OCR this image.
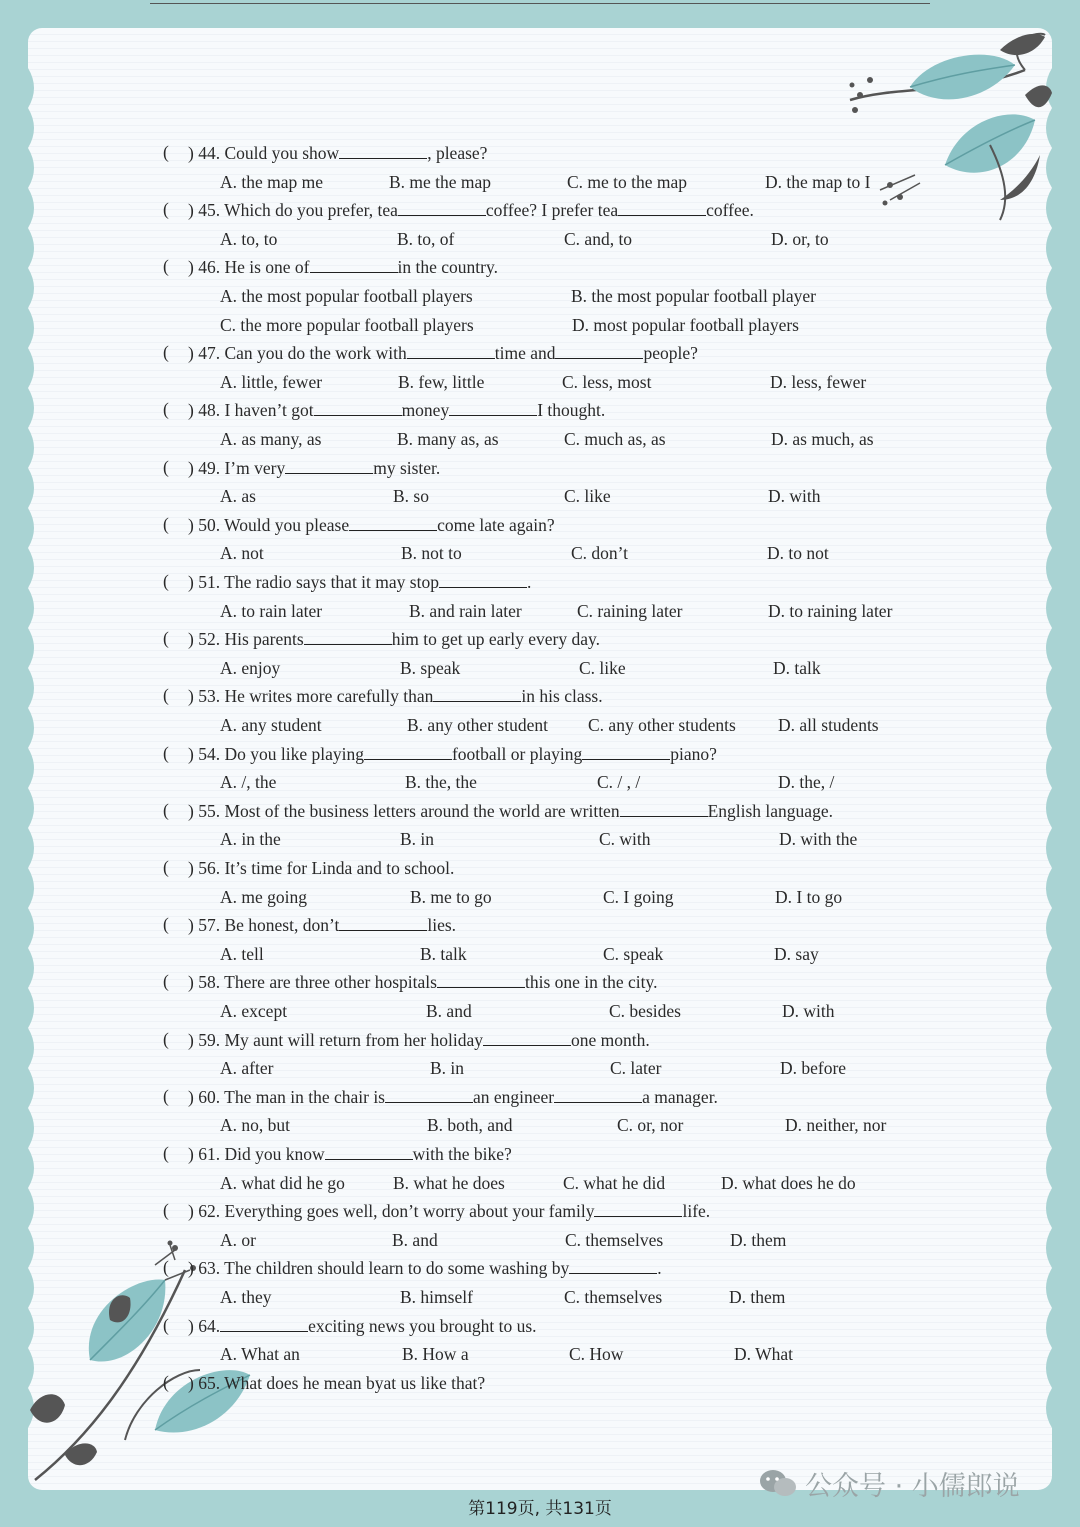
( ) 44. Could you show	, please?
A. the map me	B. me the map	C. me to the map	D. the map to I
( ) 45. Which do you prefer, tea	coffee? I prefer tea	coffee.
A. to, to	B. to, of	C. and, to	D. or, to
( ) 46. He is one of	in the country.
A. the most popular football players	B. the most popular football player
C. the more popular football players	D. most popular football players
( ) 47. Can you do the work with	time and	people?
A. little, fewer	B. few, little	C. less, most	D. less, fewer
( ) 48. I haven’t got	money	I thought.
A. as many, as	B. many as, as	C. much as, as	D. as much, as
( ) 49. I’m very	my sister.
A. as	B. so	C. like	D. with
( ) 50. Would you please	come late again?
A. not	B. not to	C. don’t	D. to not
( ) 51. The radio says that it may stop	.
A. to rain later	B. and rain later	C. raining later	D. to raining later
( ) 52. His parents	him to get up early every day.
A. enjoy	B. speak	C. like	D. talk
( ) 53. He writes more carefully than	in his class.
A. any student	B. any other student C. any other students D. all students
( ) 54. Do you like playing	football or playing	piano?
A. /, the	B. the, the	C. / , /	D. the, /
( ) 55. Most of the business letters around the world are written	English language.
A. in the	B. in	C. with	D. with the
( ) 56. It’s time for Linda and to school.
A. me going	B. me to go	C. I going	D. I to go
( ) 57. Be honest, don’t	lies.
A. tell	B. talk	C. speak	D. say
( ) 58. There are three other hospitals	this one in the city.
A. except	B. and	C. besides	D. with
( ) 59. My aunt will return from her holiday	one month.
A. after	B. in	C. later	D. before
( ) 60. The man in the chair is	an engineer	a manager.
A. no, but	B. both, and	C. or, nor	D. neither, nor
( ) 61. Did you know	with the bike?
A. what did he go	B. what he does	C. what he did	D. what does he do
( ) 62. Everything goes well, don’t worry about your family	life.
A. or	B. and	C. themselves	D. them
( ) 63. The children should learn to do some washing by	.
A. they	B. himself	C. themselves	D. them
( ) 64.	exciting news you brought to us.
A. What an	B. How a	C. How	D. What
( ) 65. What does he mean byat us like that?
第119页, 共131页
公众号 · 小儒郎说
